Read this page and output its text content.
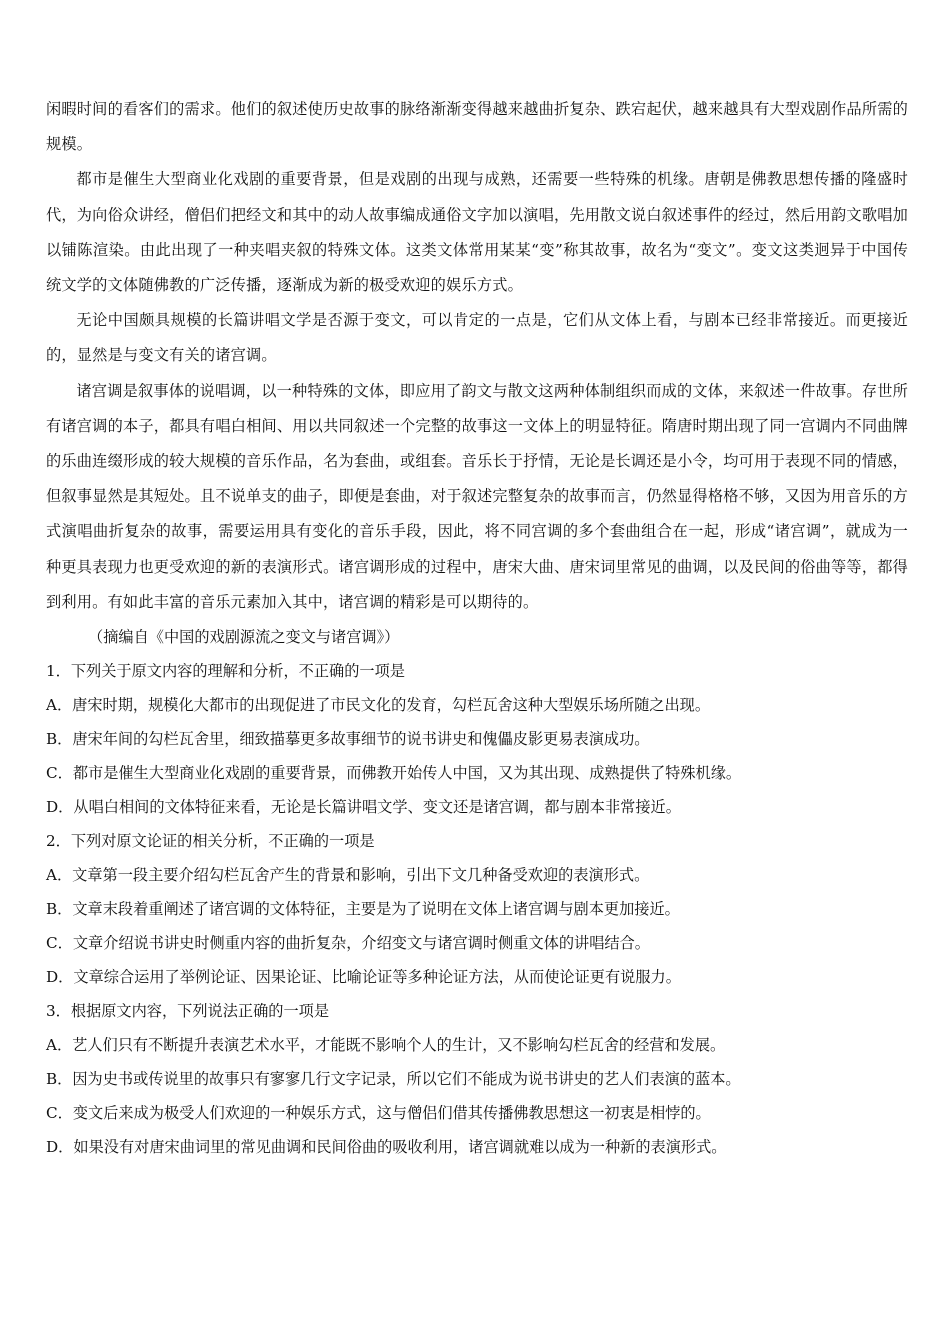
闲暇时间的看客们的需求。他们的叙述使历史故事的脉络渐渐变得越来越曲折复杂、跌宕起伏，越来越具有大型戏剧作品所需的规模。

都市是催生大型商业化戏剧的重要背景，但是戏剧的出现与成熟，还需要一些特殊的机缘。唐朝是佛教思想传播的隆盛时代，为向俗众讲经，僧侣们把经文和其中的动人故事编成通俗文字加以演唱，先用散文说白叙述事件的经过，然后用韵文歌唱加以铺陈渲染。由此出现了一种夹唱夹叙的特殊文体。这类文体常用某某“变”称其故事，故名为“变文”。变文这类迥异于中国传统文学的文体随佛教的广泛传播，逐渐成为新的极受欢迎的娱乐方式。

无论中国颇具规模的长篇讲唱文学是否源于变文，可以肯定的一点是，它们从文体上看，与剧本已经非常接近。而更接近的，显然是与变文有关的诸宫调。

诸宫调是叙事体的说唱调，以一种特殊的文体，即应用了韵文与散文这两种体制组织而成的文体，来叙述一件故事。存世所有诸宫调的本子，都具有唱白相间、用以共同叙述一个完整的故事这一文体上的明显特征。隋唐时期出现了同一宫调内不同曲牌的乐曲连缀形成的较大规模的音乐作品，名为套曲，或组套。音乐长于抒情，无论是长调还是小令，均可用于表现不同的情感，但叙事显然是其短处。且不说单支的曲子，即便是套曲，对于叙述完整复杂的故事而言，仍然显得格格不够，又因为用音乐的方式演唱曲折复杂的故事，需要运用具有变化的音乐手段，因此，将不同宫调的多个套曲组合在一起，形成“诸宫调”，就成为一种更具表现力也更受欢迎的新的表演形式。诸宫调形成的过程中，唐宋大曲、唐宋词里常见的曲调，以及民间的俗曲等等，都得到利用。有如此丰富的音乐元素加入其中，诸宫调的精彩是可以期待的。

（摘编自《中国的戏剧源流之变文与诸宫调》）

1．下列关于原文内容的理解和分析，不正确的一项是

A．唐宋时期，规模化大都市的出现促进了市民文化的发育，勾栏瓦舍这种大型娱乐场所随之出现。

B．唐宋年间的勾栏瓦舍里，细致描摹更多故事细节的说书讲史和傀儡皮影更易表演成功。

C．都市是催生大型商业化戏剧的重要背景，而佛教开始传人中国，又为其出现、成熟提供了特殊机缘。

D．从唱白相间的文体特征来看，无论是长篇讲唱文学、变文还是诸宫调，都与剧本非常接近。

2．下列对原文论证的相关分析，不正确的一项是

A．文章第一段主要介绍勾栏瓦舍产生的背景和影响，引出下文几种备受欢迎的表演形式。

B．文章末段着重阐述了诸宫调的文体特征，主要是为了说明在文体上诸宫调与剧本更加接近。

C．文章介绍说书讲史时侧重内容的曲折复杂，介绍变文与诸宫调时侧重文体的讲唱结合。

D．文章综合运用了举例论证、因果论证、比喻论证等多种论证方法，从而使论证更有说服力。

3．根据原文内容，下列说法正确的一项是

A．艺人们只有不断提升表演艺术水平，才能既不影响个人的生计，又不影响勾栏瓦舍的经营和发展。

B．因为史书或传说里的故事只有寥寥几行文字记录，所以它们不能成为说书讲史的艺人们表演的蓝本。

C．变文后来成为极受人们欢迎的一种娱乐方式，这与僧侣们借其传播佛教思想这一初衷是相悖的。

D．如果没有对唐宋曲词里的常见曲调和民间俗曲的吸收利用，诸宫调就难以成为一种新的表演形式。
